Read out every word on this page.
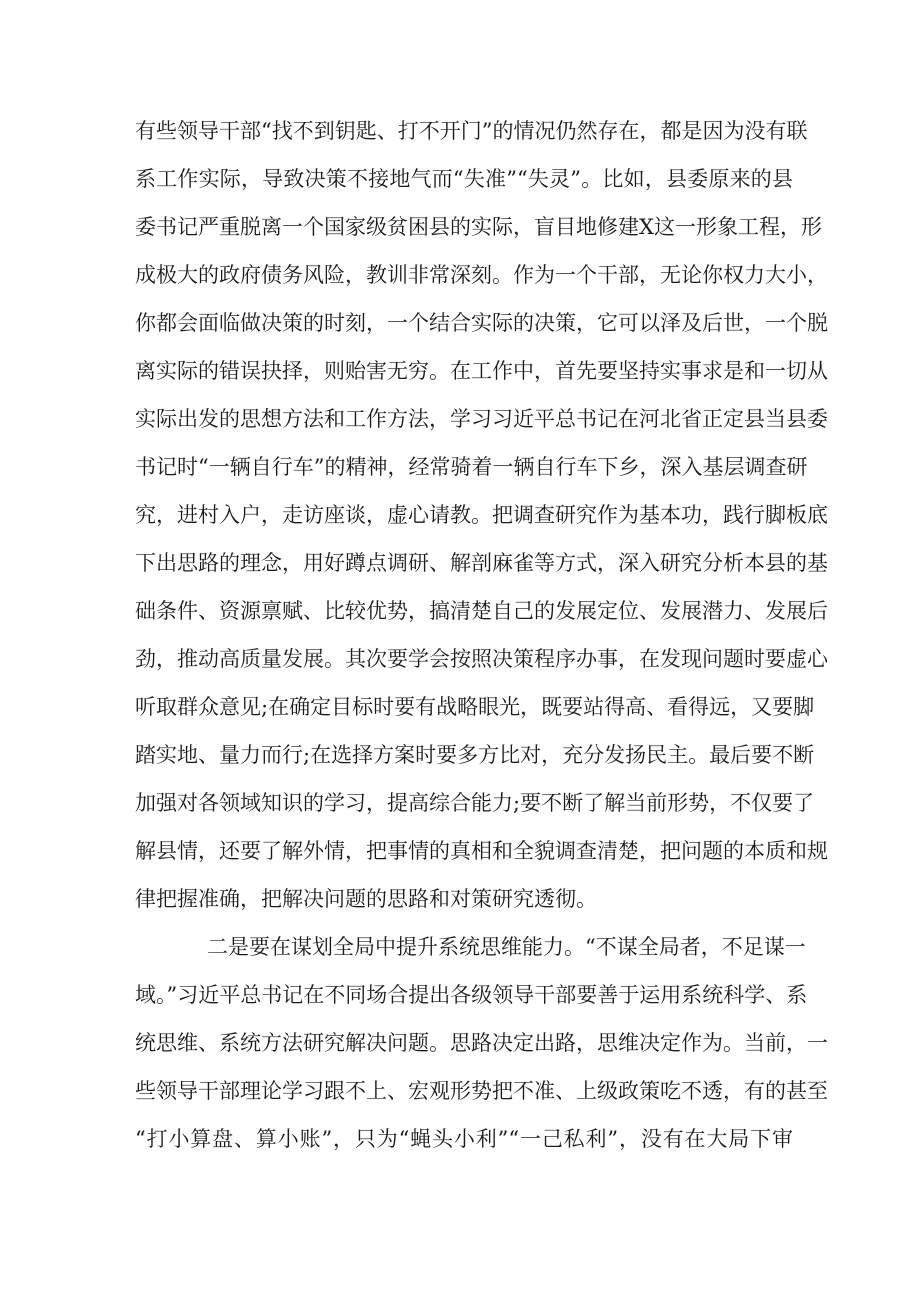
有些领导干部“找不到钥匙、打不开门”的情况仍然存在，都是因为没有联
系工作实际，导致决策不接地气而“失准”“失灵”。比如，县委原来的县
委书记严重脱离一个国家级贫困县的实际，盲目地修建X这一形象工程，形
成极大的政府债务风险，教训非常深刻。作为一个干部，无论你权力大小，
你都会面临做决策的时刻，一个结合实际的决策，它可以泽及后世，一个脱
离实际的错误抉择，则贻害无穷。在工作中，首先要坚持实事求是和一切从
实际出发的思想方法和工作方法，学习习近平总书记在河北省正定县当县委
书记时“一辆自行车”的精神，经常骑着一辆自行车下乡，深入基层调查研
究，进村入户，走访座谈，虚心请教。把调查研究作为基本功，践行脚板底
下出思路的理念，用好蹲点调研、解剖麻雀等方式，深入研究分析本县的基
础条件、资源禀赋、比较优势，搞清楚自己的发展定位、发展潜力、发展后
劲，推动高质量发展。其次要学会按照决策程序办事，在发现问题时要虚心
听取群众意见;在确定目标时要有战略眼光，既要站得高、看得远，又要脚
踏实地、量力而行;在选择方案时要多方比对，充分发扬民主。最后要不断
加强对各领域知识的学习，提高综合能力;要不断了解当前形势，不仅要了
解县情，还要了解外情，把事情的真相和全貌调查清楚，把问题的本质和规
律把握准确，把解决问题的思路和对策研究透彻。
二是要在谋划全局中提升系统思维能力。“不谋全局者，不足谋一
域。”习近平总书记在不同场合提出各级领导干部要善于运用系统科学、系
统思维、系统方法研究解决问题。思路决定出路，思维决定作为。当前，一
些领导干部理论学习跟不上、宏观形势把不准、上级政策吃不透，有的甚至
“打小算盘、算小账”，只为“蝇头小利”“一己私利”，没有在大局下审
